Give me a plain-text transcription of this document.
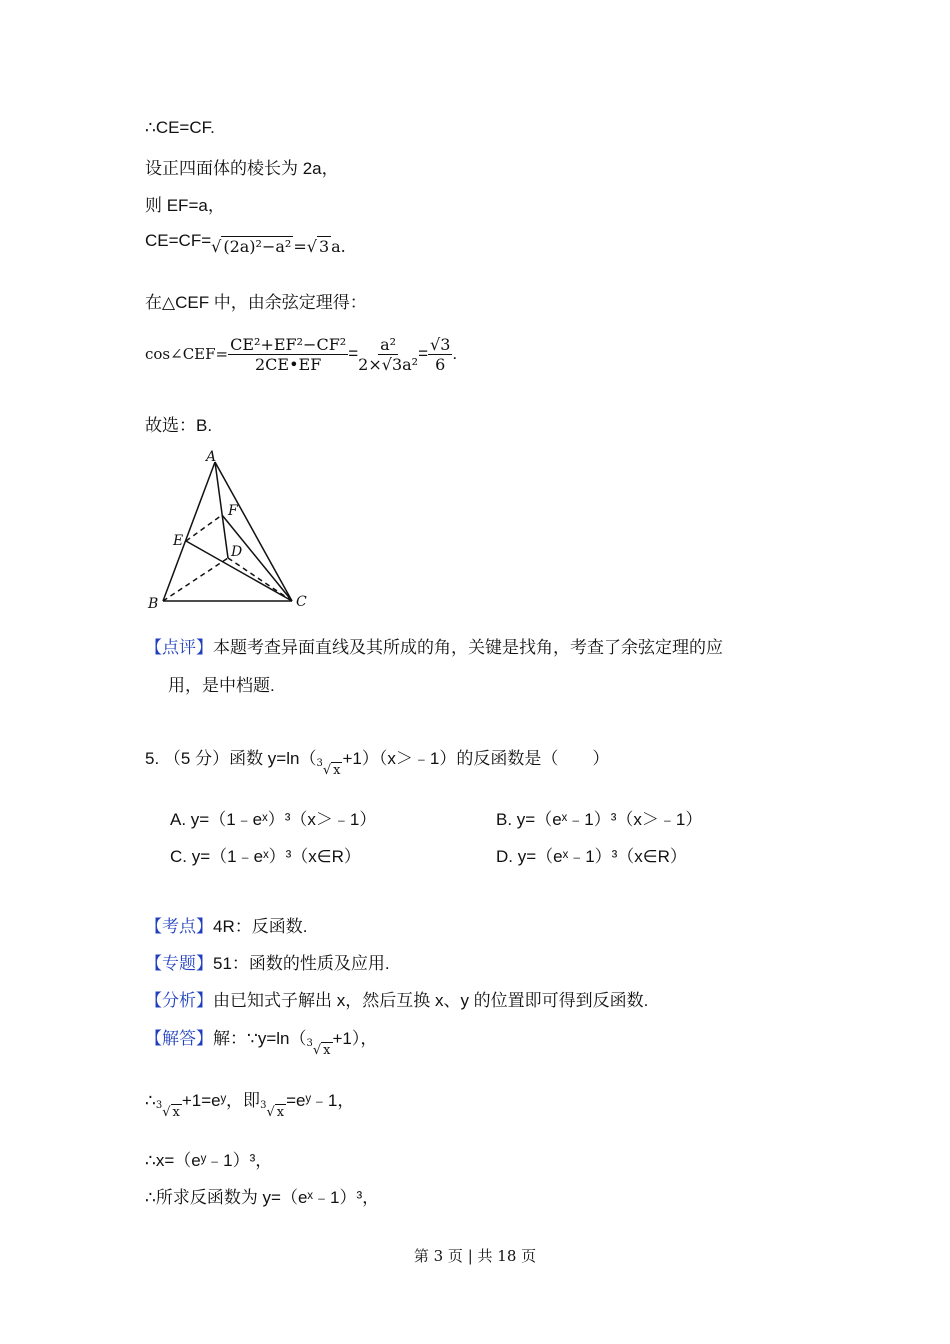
∴CE=CF.
设正四面体的棱长为 2a，
则 EF=a，
CE=CF=√ (2a)²−a² =√ 3 a.
在△CEF 中，由余弦定理得：
cos∠CEF= $\frac{\text{CE²+EF²−CF²}}{2CE•EF} = \frac{\text{a²}}{\text{2×√3a²}} = \frac{√3}{6}$ .
故选：B.
A
B	C
D
E
F
【点评】本题考查异面直线及其所成的角，关键是找角，考查了余弦定理的应
用，是中档题.
5. （5 分）函数 y=ln（$^3$√ x+1）（x＞﹣1）的反函数是（　　）
A. y=（1﹣eˣ）³（x＞﹣1）	B. y=（eˣ﹣1）³（x＞﹣1）
C. y=（1﹣eˣ）³（x∈R）	D. y=（eˣ﹣1）³（x∈R）
【考点】4R：反函数.
【专题】51：函数的性质及应用.
【分析】由已知式子解出 x，然后互换 x、y 的位置即可得到反函数.
【解答】解：∵y=ln（$^3$√ x+1），
∴$^3$√ x+1=eʸ，即$^3$√ x=eʸ﹣1，
∴x=（eʸ﹣1）³，
∴所求反函数为 y=（eˣ﹣1）³，
第 3 页 | 共 18 页
